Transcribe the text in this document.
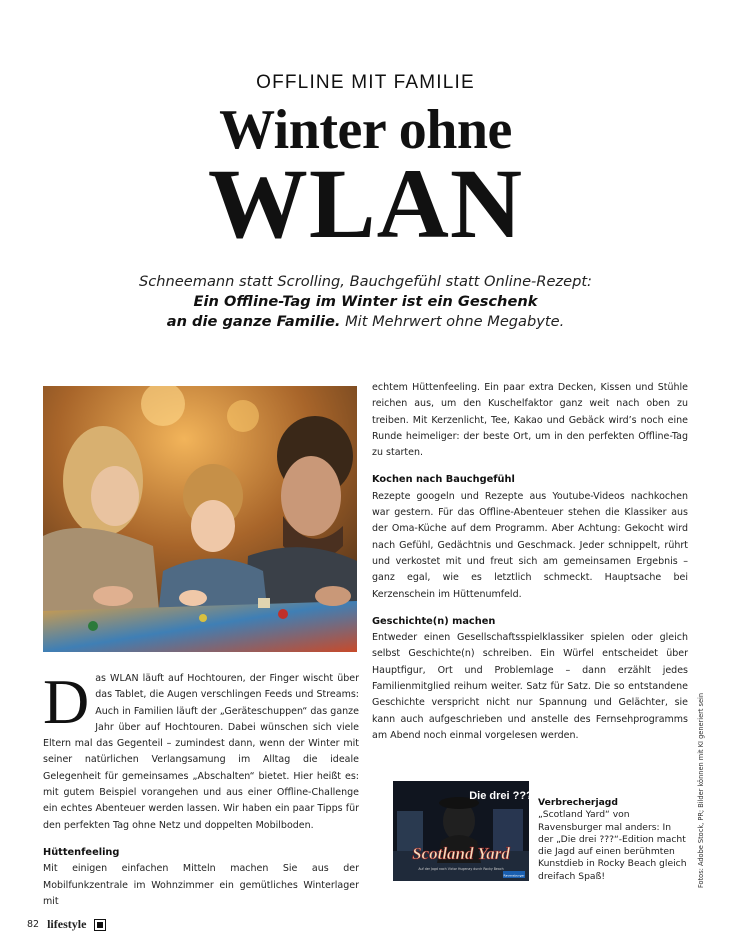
OFFLINE MIT FAMILIE
Winter ohne
WLAN
Schneemann statt Scrolling, Bauchgefühl statt Online-Rezept:
Ein Offline-Tag im Winter ist ein Geschenk
an die ganze Familie. Mit Mehrwert ohne Megabyte.

Das WLAN läuft auf Hochtouren, der Finger wischt über das Tablet, die Augen verschlingen Feeds und Streams: Auch in Familien läuft der „Geräteschuppen“ das ganze Jahr über auf Hochtouren. Dabei wünschen sich viele Eltern mal das Gegenteil – zumindest dann, wenn der Winter mit seiner natürlichen Verlangsamung im Alltag die ideale Gelegenheit für gemeinsames „Abschalten“ bietet. Hier heißt es: mit gutem Beispiel vorangehen und aus einer Offline-Challenge ein echtes Abenteuer werden lassen. Wir haben ein paar Tipps für den perfekten Tag ohne Netz und doppelten Mobilboden.

Hüttenfeeling

Mit einigen einfachen Mitteln machen Sie aus der Mobilfunkzentrale im Wohnzimmer ein gemütliches Winterlager mit

echtem Hüttenfeeling. Ein paar extra Decken, Kissen und Stühle reichen aus, um den Kuschelfaktor ganz weit nach oben zu treiben. Mit Kerzenlicht, Tee, Kakao und Gebäck wird’s noch eine Runde heimeliger: der beste Ort, um in den perfekten Offline-Tag zu starten.

Kochen nach Bauchgefühl

Rezepte googeln und Rezepte aus Youtube-Videos nachkochen war gestern. Für das Offline-Abenteuer stehen die Klassiker aus der Oma-Küche auf dem Programm. Aber Achtung: Gekocht wird nach Gefühl, Gedächtnis und Geschmack. Jeder schnippelt, rührt und verkostet mit und freut sich am gemeinsamen Ergebnis – ganz egal, wie es letztlich schmeckt. Hauptsache bei Kerzenschein im Hüttenumfeld.

Geschichte(n) machen

Entweder einen Gesellschaftsspielklassiker spielen oder gleich selbst Geschichte(n) schreiben. Ein Würfel entscheidet über Hauptfigur, Ort und Problemlage – dann erzählt jedes Familienmitglied reihum weiter. Satz für Satz. Die so entstandene Geschichte verspricht nicht nur Spannung und Gelächter, sie kann auch aufgeschrieben und anstelle des Fernsehprogramms am Abend noch einmal vorgelesen werden.

Die drei ???
Scotland Yard
Auf der Jagd nach Victor Hugenay durch Rocky Beach
Ravensburger
Verbrecherjagd
„Scotland Yard“ von Ravensburger mal anders: In der „Die drei ???“-Edition macht die Jagd auf einen berühmten Kunstdieb in Rocky Beach gleich dreifach Spaß!	Fotos: Adobe Stock, PR; Bilder können mit KI generiert sein
82 lifestyle
